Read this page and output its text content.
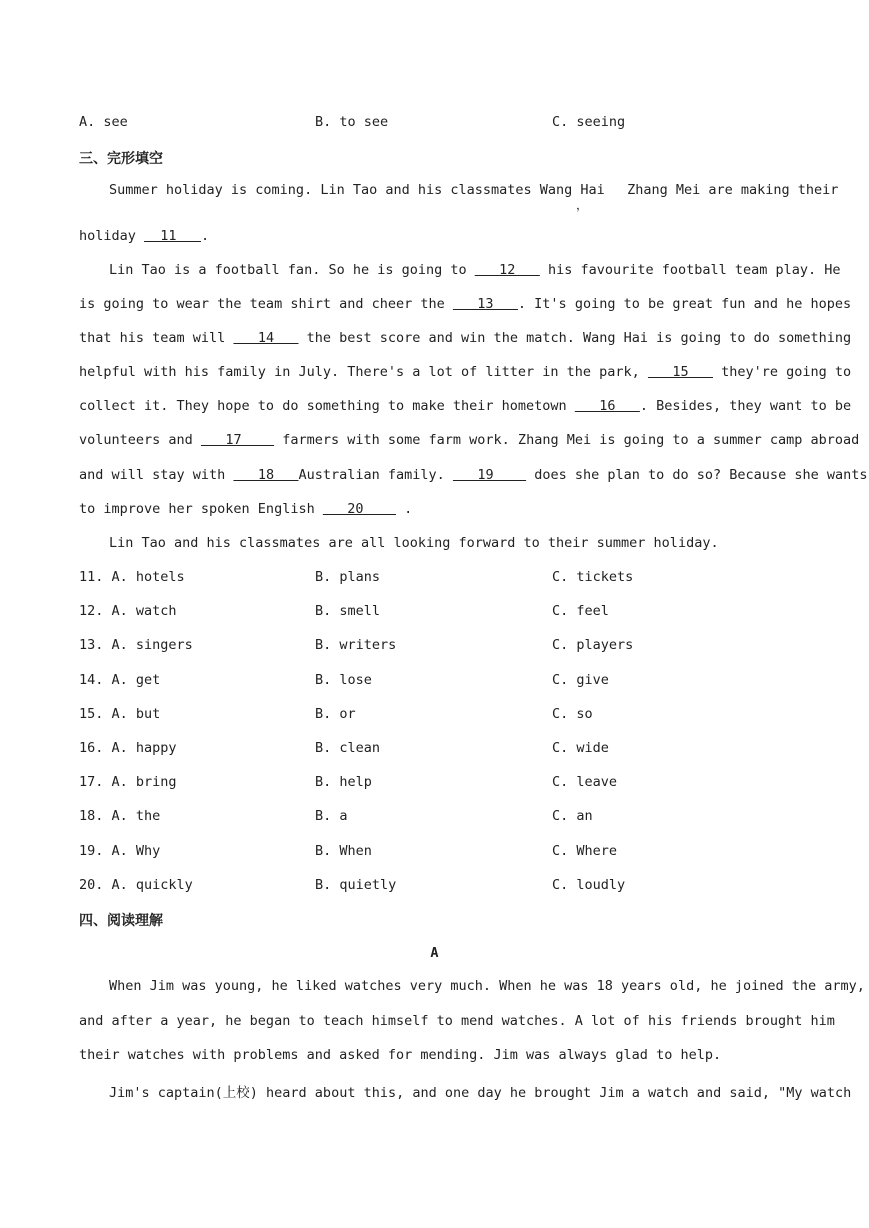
A. see	B. to see	C. seeing
三、完形填空
Summer holiday is coming. Lin Tao and his classmates Wang Hai Zhang Mei are making their
，
holiday   11   .
Lin Tao is a football fan. So he is going to    12    his favourite football team play. He
is going to wear the team shirt and cheer the    13   . It's going to be great fun and he hopes
that his team will    14    the best score and win the match. Wang Hai is going to do something
helpful with his family in July. There's a lot of litter in the park,    15    they're going to
collect it. They hope to do something to make their hometown    16   . Besides, they want to be
volunteers and    17     farmers with some farm work. Zhang Mei is going to a summer camp abroad
and will stay with    18   Australian family.    19     does she plan to do so? Because she wants
to improve her spoken English    20     .
Lin Tao and his classmates are all looking forward to their summer holiday.
11. A. hotels	B. plans	C. tickets
12. A. watch	B. smell	C. feel
13. A. singers	B. writers	C. players
14. A. get	B. lose	C. give
15. A. but	B. or	C. so
16. A. happy	B. clean	C. wide
17. A. bring	B. help	C. leave
18. A. the	B. a	C. an
19. A. Why	B. When	C. Where
20. A. quickly	B. quietly	C. loudly
四、阅读理解
A
When Jim was young, he liked watches very much. When he was 18 years old, he joined the army,
and after a year, he began to teach himself to mend watches. A lot of his friends brought him
their watches with problems and asked for mending. Jim was always glad to help.
Jim's captain(上校) heard about this, and one day he brought Jim a watch and said, "My watch
